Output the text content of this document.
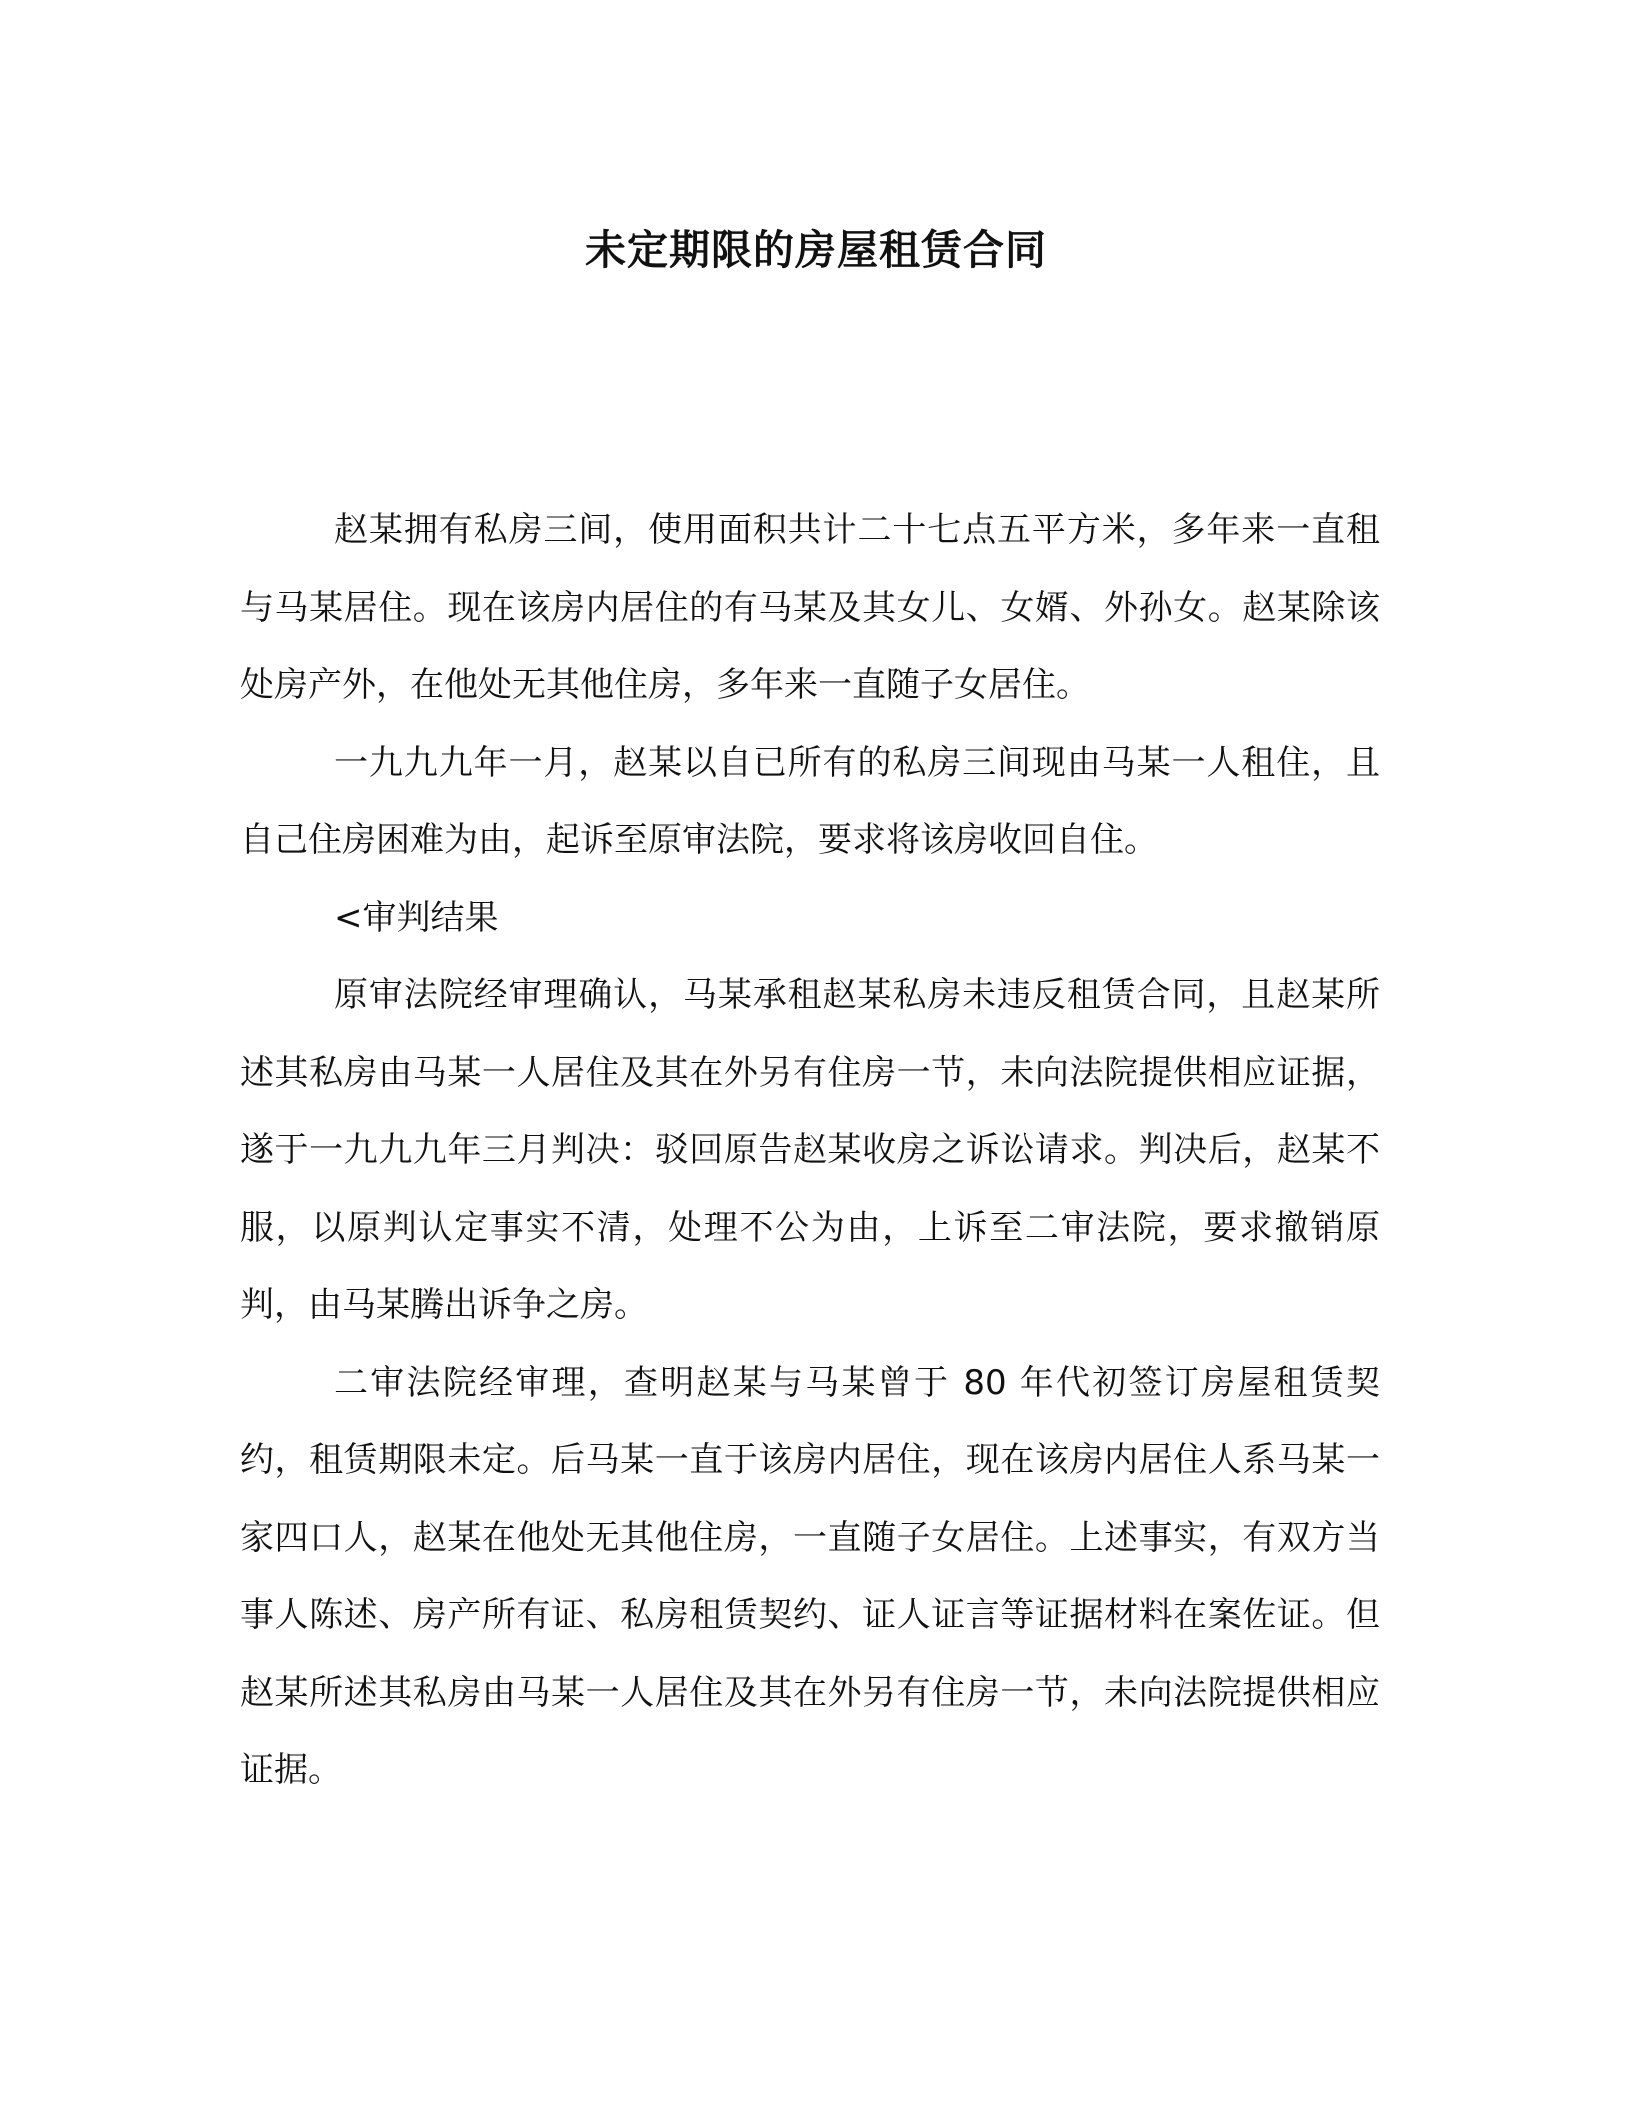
未定期限的房屋租赁合同

赵某拥有私房三间，使用面积共计二十七点五平方米，多年来一直租与马某居住。现在该房内居住的有马某及其女儿、女婿、外孙女。赵某除该处房产外，在他处无其他住房，多年来一直随子女居住。

一九九九年一月，赵某以自已所有的私房三间现由马某一人租住，且自己住房困难为由，起诉至原审法院，要求将该房收回自住。

<审判结果

原审法院经审理确认，马某承租赵某私房未违反租赁合同，且赵某所述其私房由马某一人居住及其在外另有住房一节，未向法院提供相应证据，遂于一九九九年三月判决：驳回原告赵某收房之诉讼请求。判决后，赵某不服，以原判认定事实不清，处理不公为由，上诉至二审法院，要求撤销原判，由马某腾出诉争之房。

二审法院经审理，查明赵某与马某曾于 80 年代初签订房屋租赁契约，租赁期限未定。后马某一直于该房内居住，现在该房内居住人系马某一家四口人，赵某在他处无其他住房，一直随子女居住。上述事实，有双方当事人陈述、房产所有证、私房租赁契约、证人证言等证据材料在案佐证。但赵某所述其私房由马某一人居住及其在外另有住房一节，未向法院提供相应证据。
